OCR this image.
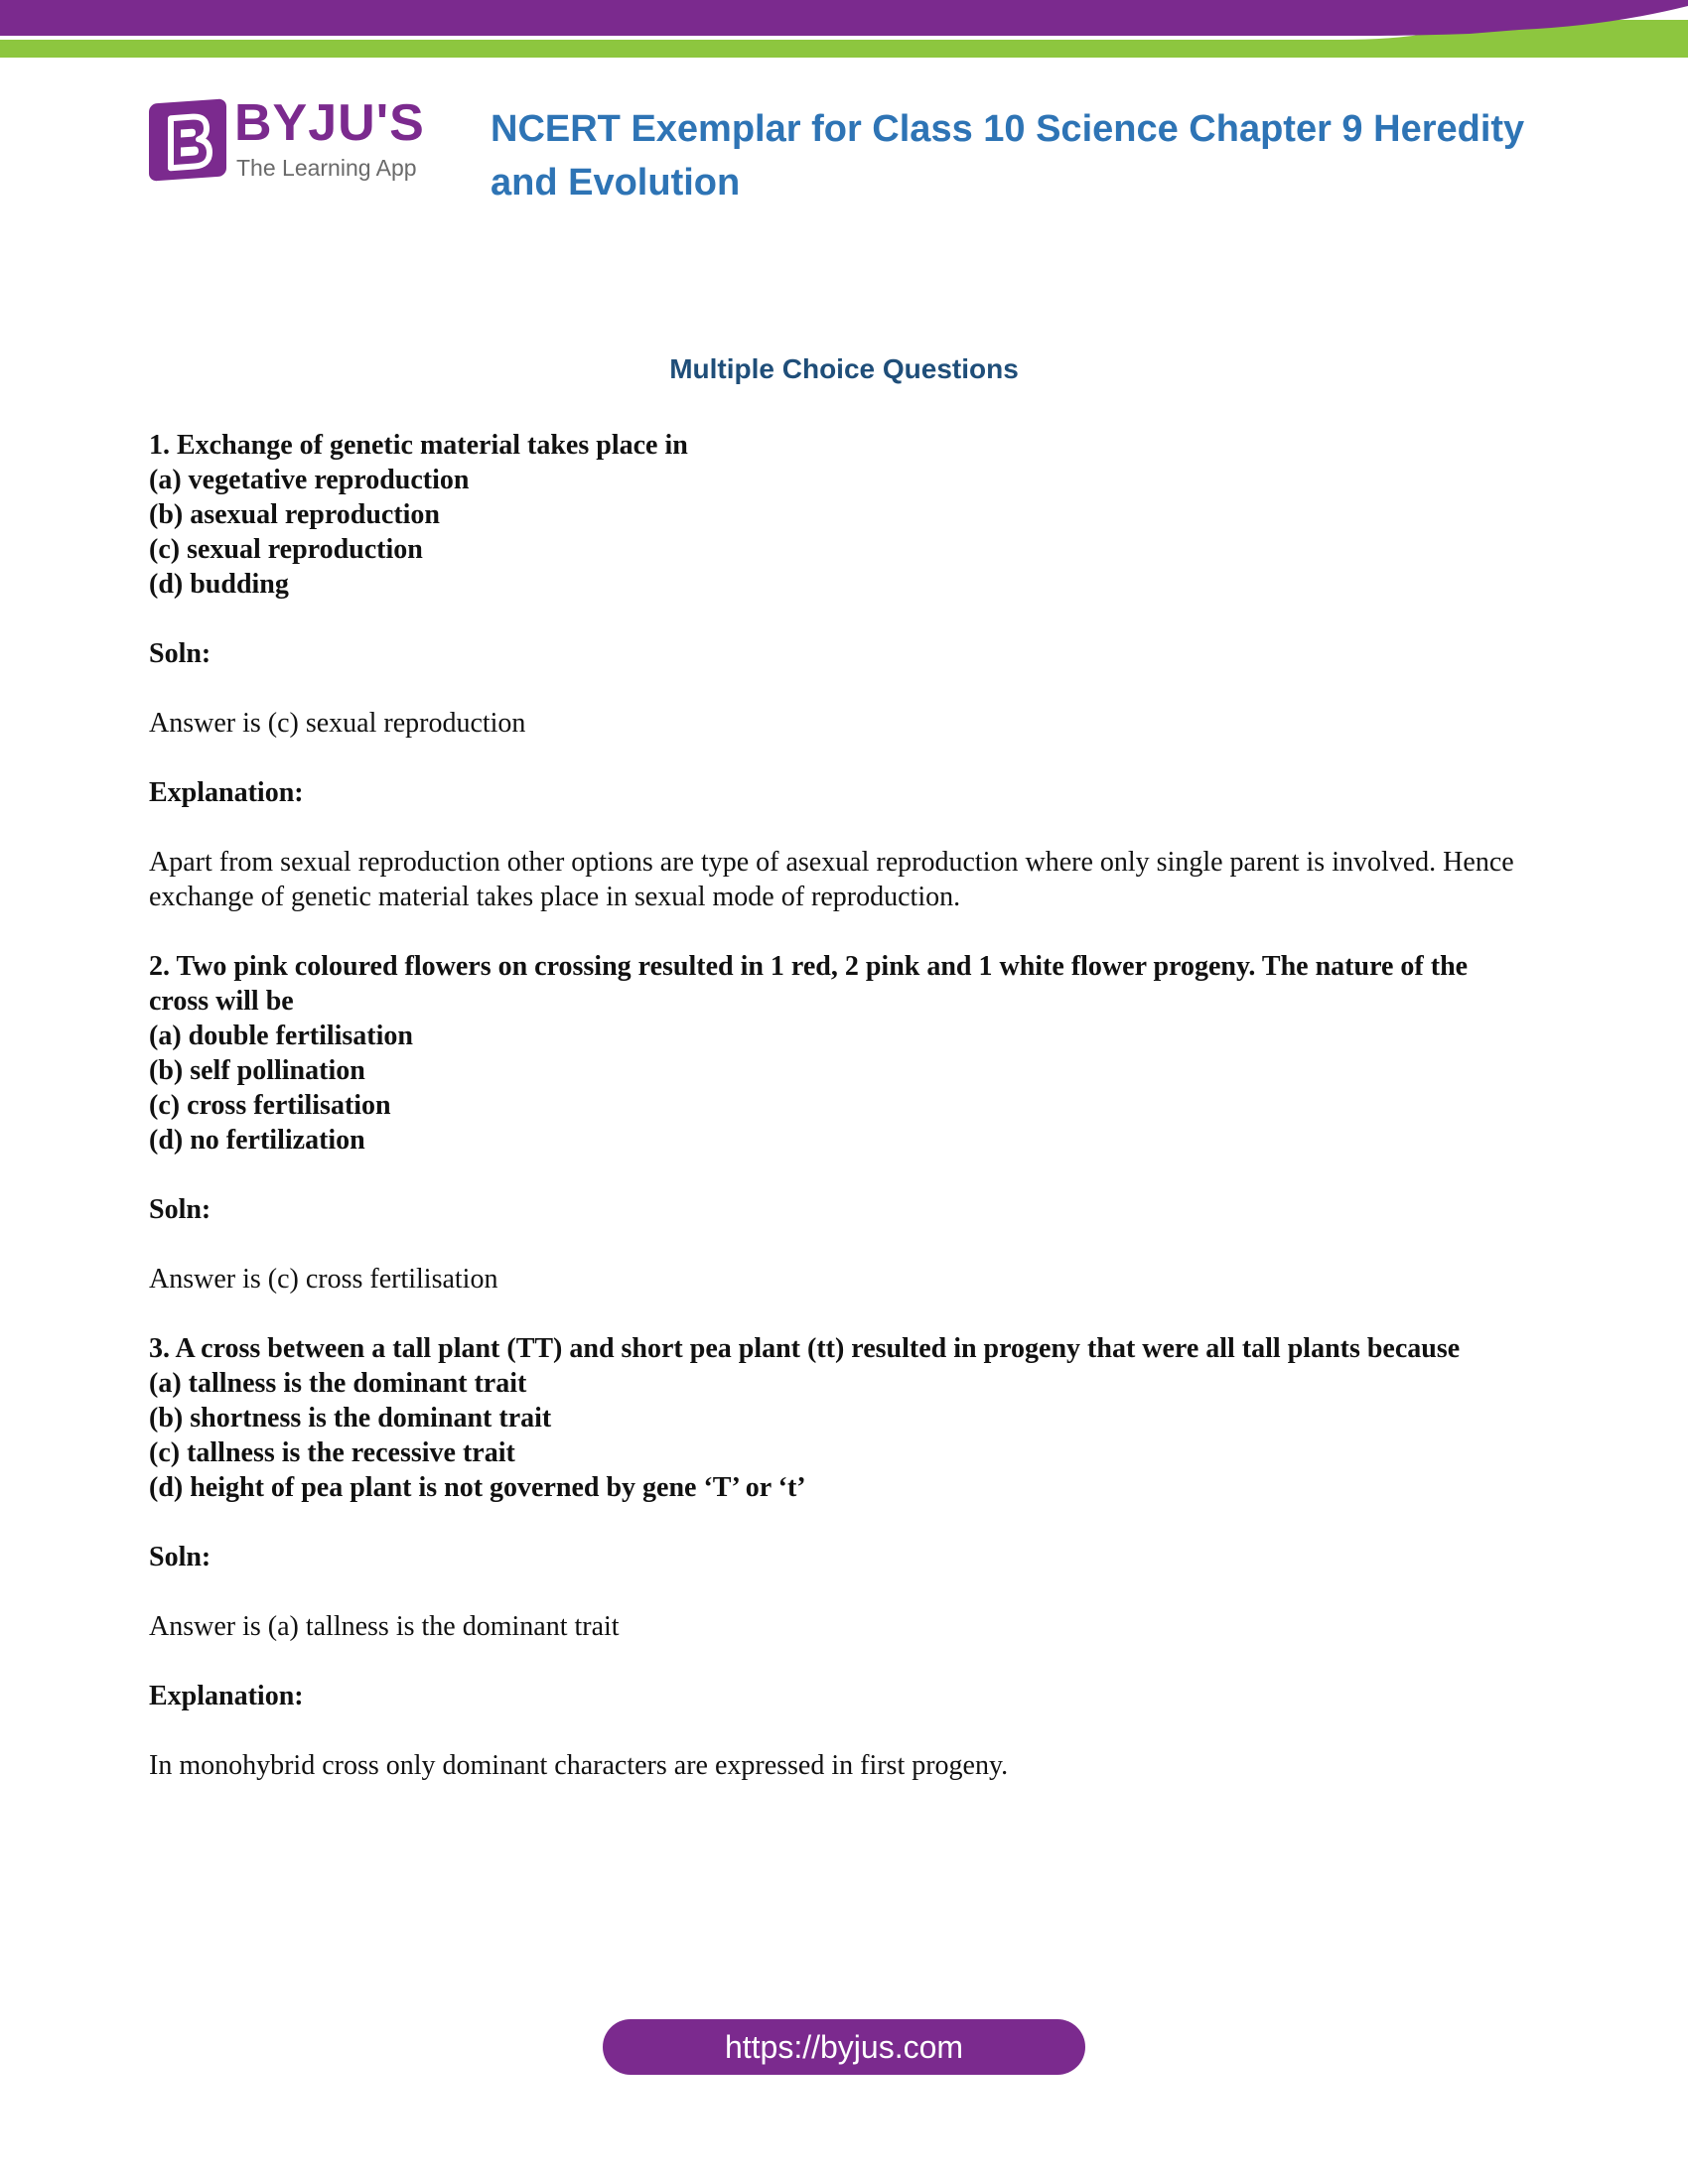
BYJU'S
The Learning App
NCERT Exemplar for Class 10 Science Chapter 9 Heredity and Evolution
Multiple Choice Questions

1. Exchange of genetic material takes place in

(a) vegetative reproduction

(b) asexual reproduction

(c) sexual reproduction

(d) budding

Soln:

Answer is (c) sexual reproduction

Explanation:

Apart from sexual reproduction other options are type of asexual reproduction where only single parent is involved. Hence exchange of genetic material takes place in sexual mode of reproduction.

2. Two pink coloured flowers on crossing resulted in 1 red, 2 pink and 1 white flower progeny. The nature of the cross will be

(a) double fertilisation

(b) self pollination

(c) cross fertilisation

(d) no fertilization

Soln:

Answer is (c) cross fertilisation

3. A cross between a tall plant (TT) and short pea plant (tt) resulted in progeny that were all tall plants because

(a) tallness is the dominant trait

(b) shortness is the dominant trait

(c) tallness is the recessive trait

(d) height of pea plant is not governed by gene ‘T’ or ‘t’

Soln:

Answer is (a) tallness is the dominant trait

Explanation:

In monohybrid cross only dominant characters are expressed in first progeny.

https://byjus.com
